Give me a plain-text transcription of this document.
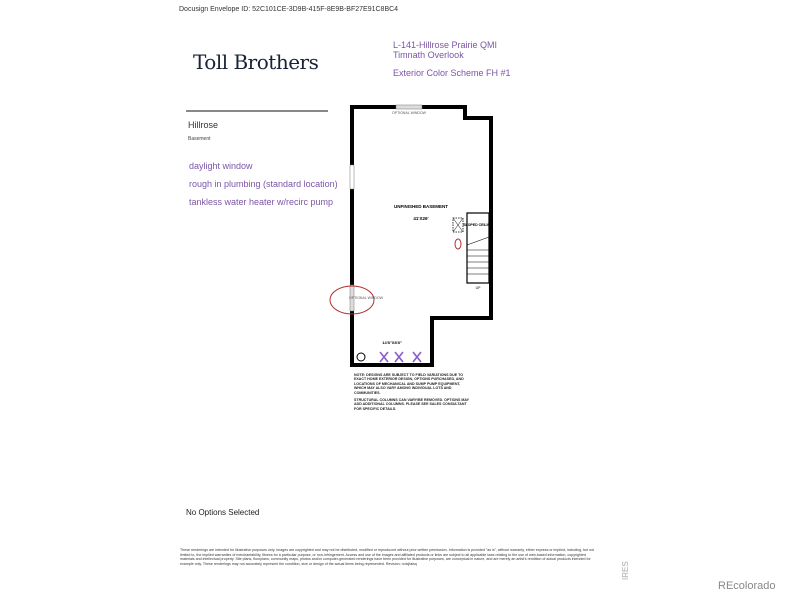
Docusign Envelope ID: 52C101CE-3D9B-415F-8E9B-BF27E91C8BC4
Toll Brothers
L-141-Hillrose Prairie QMI
Timnath Overlook
Exterior Color Scheme FH #1
Hillrose
Basement
daylight window
rough in plumbing (standard location)
tankless water heater w/recirc pump
OPTIONAL WINDOW
OPTIONAL WINDOW
UNFINISHED BASEMENT
41'X26'
SLOPED CEILING
UP
14'8"X8'8"

NOTE: DESIGNS ARE SUBJECT TO FIELD VARIATIONS DUE TO EXACT HOME EXTERIOR DESIGN, OPTIONS PURCHASED, AND LOCATIONS OF MECHANICAL AND SUMP PUMP EQUIPMENT, WHICH MAY ALSO VARY AMONG INDIVIDUAL LOTS AND COMMUNITIES.

STRUCTURAL COLUMNS CAN VARY/BE REMOVED. OPTIONS MAY ADD ADDITIONAL COLUMNS. PLEASE SEE SALES CONSULTANT FOR SPECIFIC DETAILS.

No Options Selected
These renderings are intended for illustrative purposes only. Images are copyrighted and may not be distributed, modified or reproduced without prior written permission. Information is provided "as is", without warranty, either express or implied, including, but not limited to, the implied warranties of merchantability, fitness for a particular purpose, or non-infringement. Access and use of the images and affiliated products or links are subject to all applicable laws relating to the use of web-based information, copyrighted materials and intellectual property. Site plans, floorplans, community maps, photos and/or computer-generated renderings have been provided for illustrative purposes, are conceptual in nature, and are merely an artist's rendition of actual products intended for example only. These renderings may not accurately represent the condition, size or design of the actual items being represented. Revision: rcdcjfaisq	IRES
REcolorado
